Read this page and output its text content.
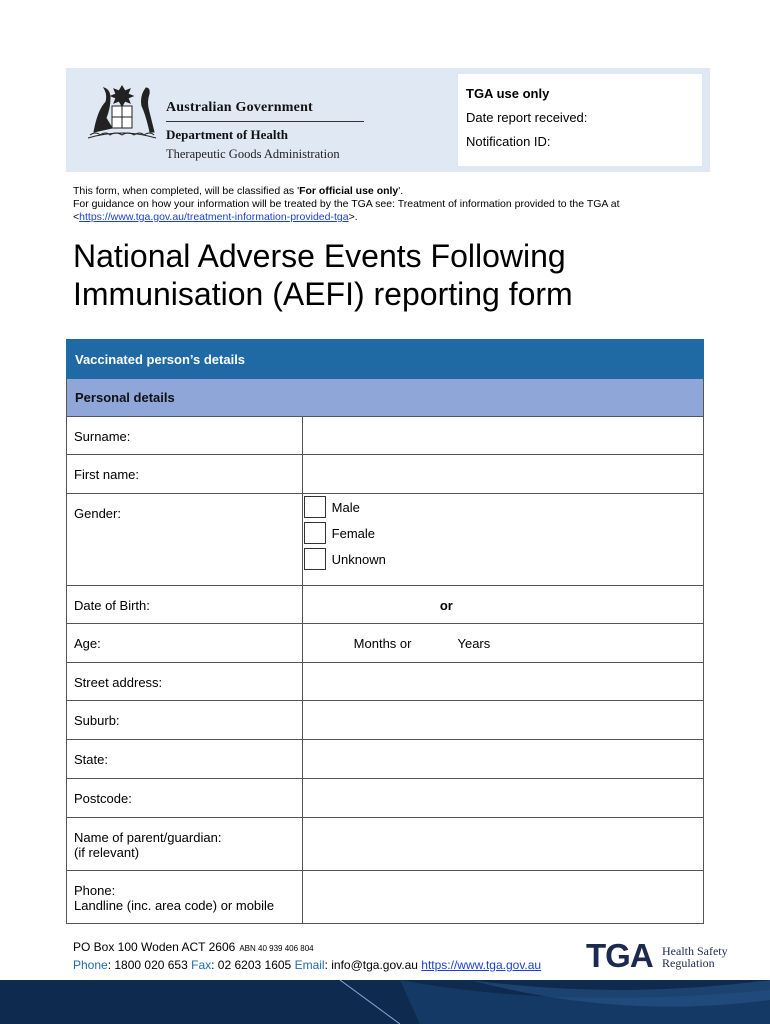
Australian Government
Department of Health
Therapeutic Goods Administration
TGA use only
Date report received:
Notification ID:
This form, when completed, will be classified as 'For official use only'.
For guidance on how your information will be treated by the TGA see: Treatment of information provided to the TGA at
<https://www.tga.gov.au/treatment-information-provided-tga>.
National Adverse Events Following
Immunisation (AEFI) reporting form
Vaccinated person’s details	
Personal details	
Surname:	
First name:	
Gender:	Male
Female
Unknown

Date of Birth:	or
Age:	Months or Years
Street address:	
Suburb:	
State:	
Postcode:	

Name of parent/guardian:
(if relevant)	

Phone:
Landline (inc. area code) or mobile	

PO Box 100 Woden ACT 2606 ABN 40 939 406 804
Phone: 1800 020 653 Fax: 02 6203 1605 Email: info@tga.gov.au https://www.tga.gov.au TGA Health Safety
Regulation
